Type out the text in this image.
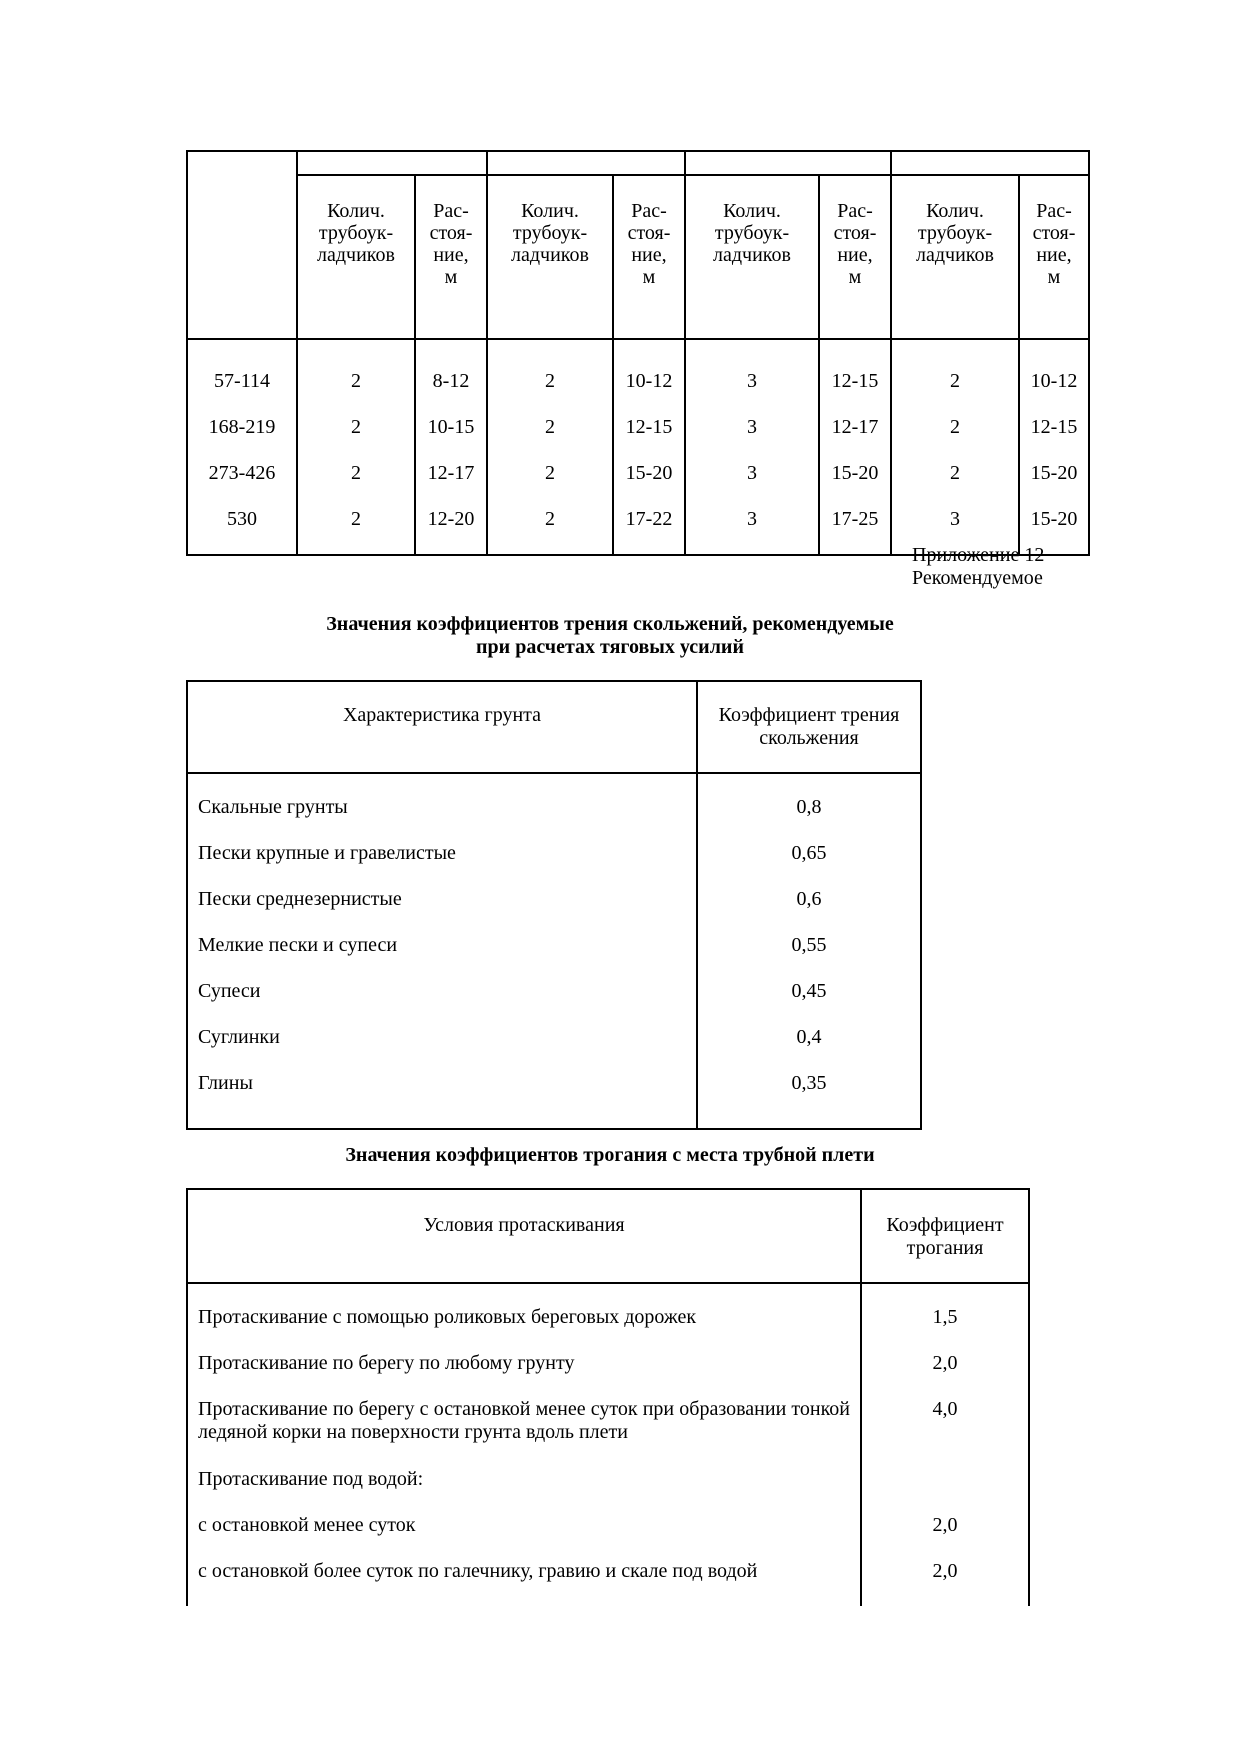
	Колич.
трубоук-
ладчиков	Рас-
стоя-
ние,
м	Колич.
трубоук-
ладчиков	Рас-
стоя-
ние,
м	Колич.
трубоук-
ладчиков	Рас-
стоя-
ние,
м	Колич.
трубоук-
ладчиков	Рас-
стоя-
ние,
м
57-114	2	8-12	2	10-12	3	12-15	2	10-12
168-219	2	10-15	2	12-15	3	12-17	2	12-15
273-426	2	12-17	2	15-20	3	15-20	2	15-20
530	2	12-20	2	17-22	3	17-25	3	15-20
Приложение 12
Рекомендуемое
Значения коэффициентов трения скольжений, рекомендуемые
при расчетах тяговых усилий
Характеристика грунта	Коэффициент трения
скольжения
Скальные грунты	0,8
Пески крупные и гравелистые	0,65
Пески среднезернистые	0,6
Мелкие пески и супеси	0,55
Супеси	0,45
Суглинки	0,4
Глины	0,35
Значения коэффициентов трогания с места трубной плети
Условия протаскивания	Коэффициент
трогания
Протаскивание с помощью роликовых береговых дорожек	1,5
Протаскивание по берегу по любому грунту	2,0
Протаскивание по берегу с остановкой менее суток при образовании тонкой ледяной корки на поверхности грунта вдоль плети	4,0
Протаскивание под водой:	
с остановкой менее суток	2,0
с остановкой более суток по галечнику, гравию и скале под водой	2,0
